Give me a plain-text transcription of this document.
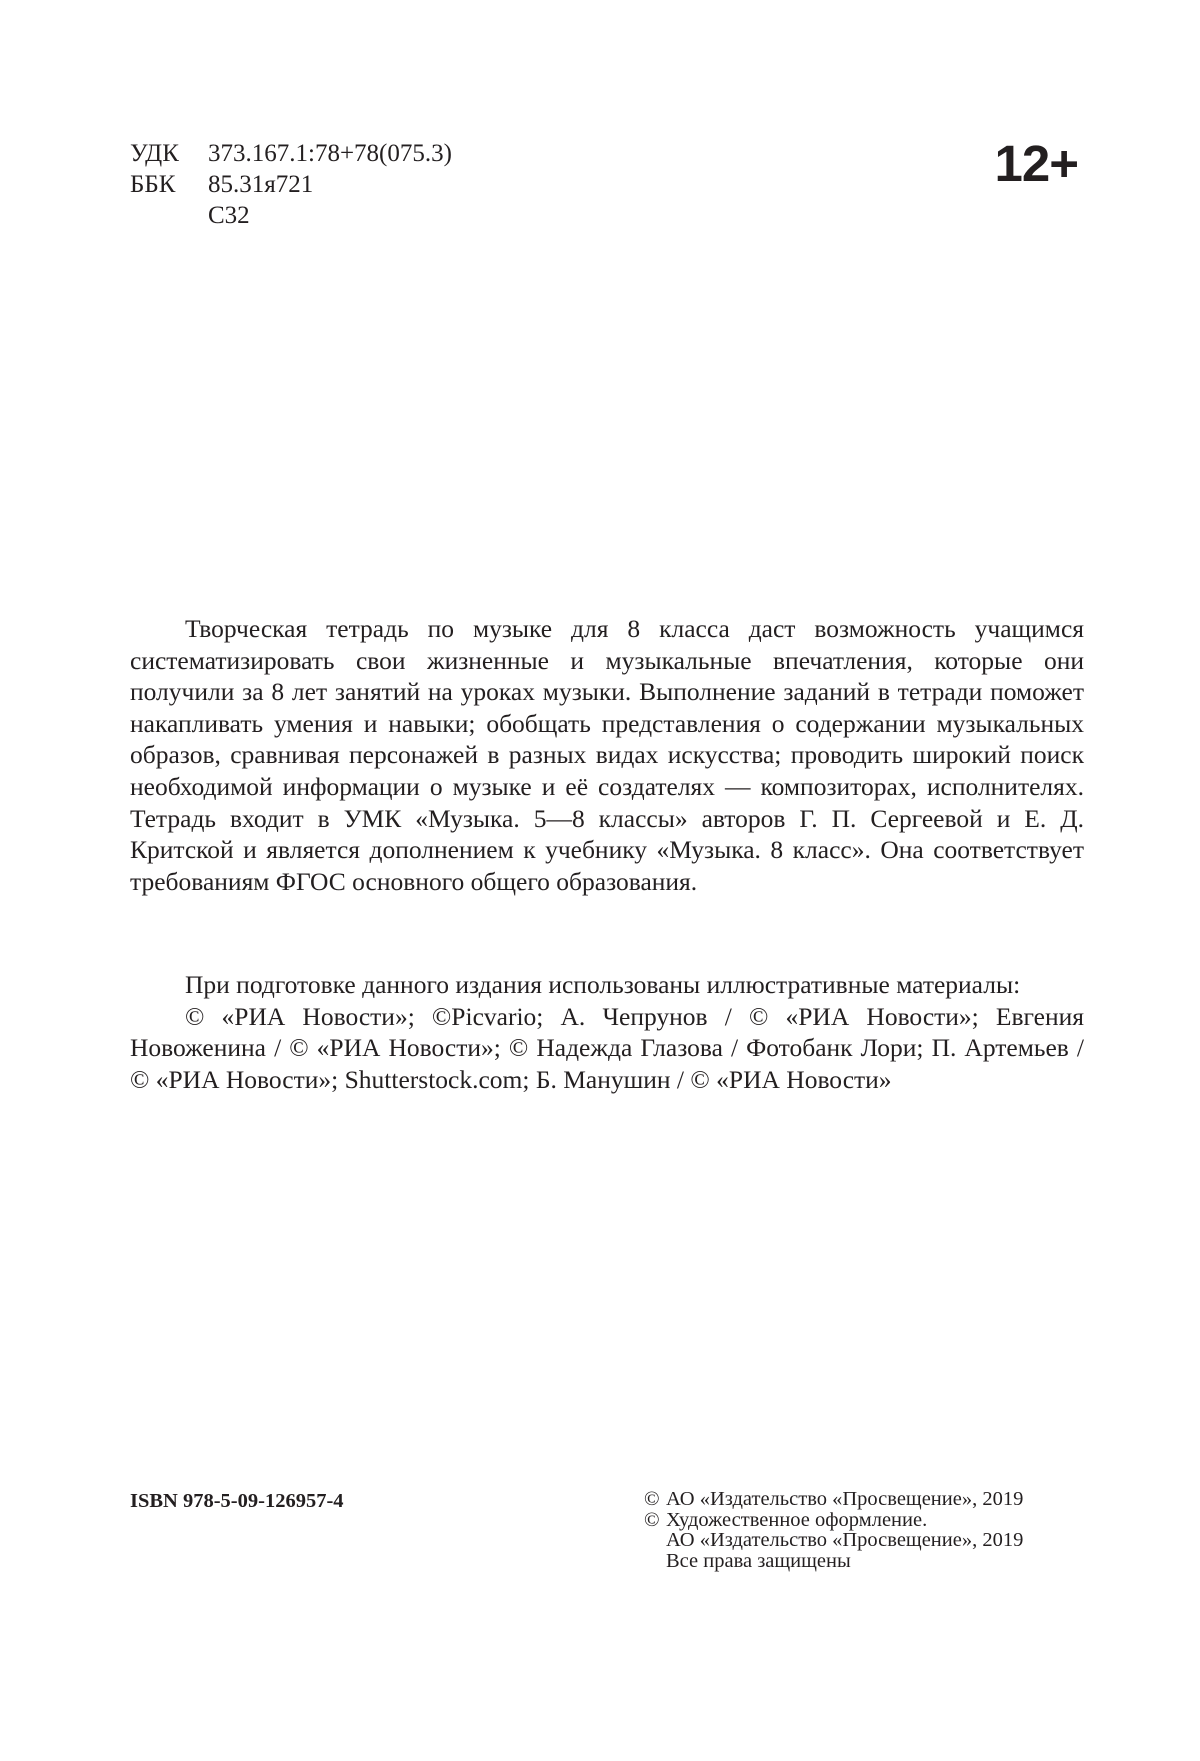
УДК	373.167.1:78+78(075.3)
ББК	85.31я721
С32
12+

Творческая тетрадь по музыке для 8 класса даст возможность учащимся систематизировать свои жизненные и музыкальные впечатления, которые они получили за 8 лет занятий на уроках музыки. Выполнение заданий в тетради поможет накапливать умения и навыки; обобщать представления о содержании музыкальных образов, сравнивая персонажей в разных видах искусства; проводить широкий поиск необходимой информации о музыке и её создателях — композиторах, исполнителях. Тетрадь входит в УМК «Музыка. 5—8 классы» авторов Г. П. Сергеевой и Е. Д. Критской и является дополнением к учебнику «Музыка. 8 класс». Она соответствует требованиям ФГОС основного общего образования.

При подготовке данного издания использованы иллюстративные материалы:

© «РИА Новости»; ©Picvario; А. Чепрунов / © «РИА Новости»; Евгения Новоженина / © «РИА Новости»; © Надежда Глазова / Фотобанк Лори; П. Артемьев / © «РИА Новости»; Shutterstock.com; Б. Манушин / © «РИА Новости»

ISBN 978-5-09-126957-4	© АО «Издательство «Просвещение», 2019
© Художественное оформление.
АО «Издательство «Просвещение», 2019
Все права защищены
